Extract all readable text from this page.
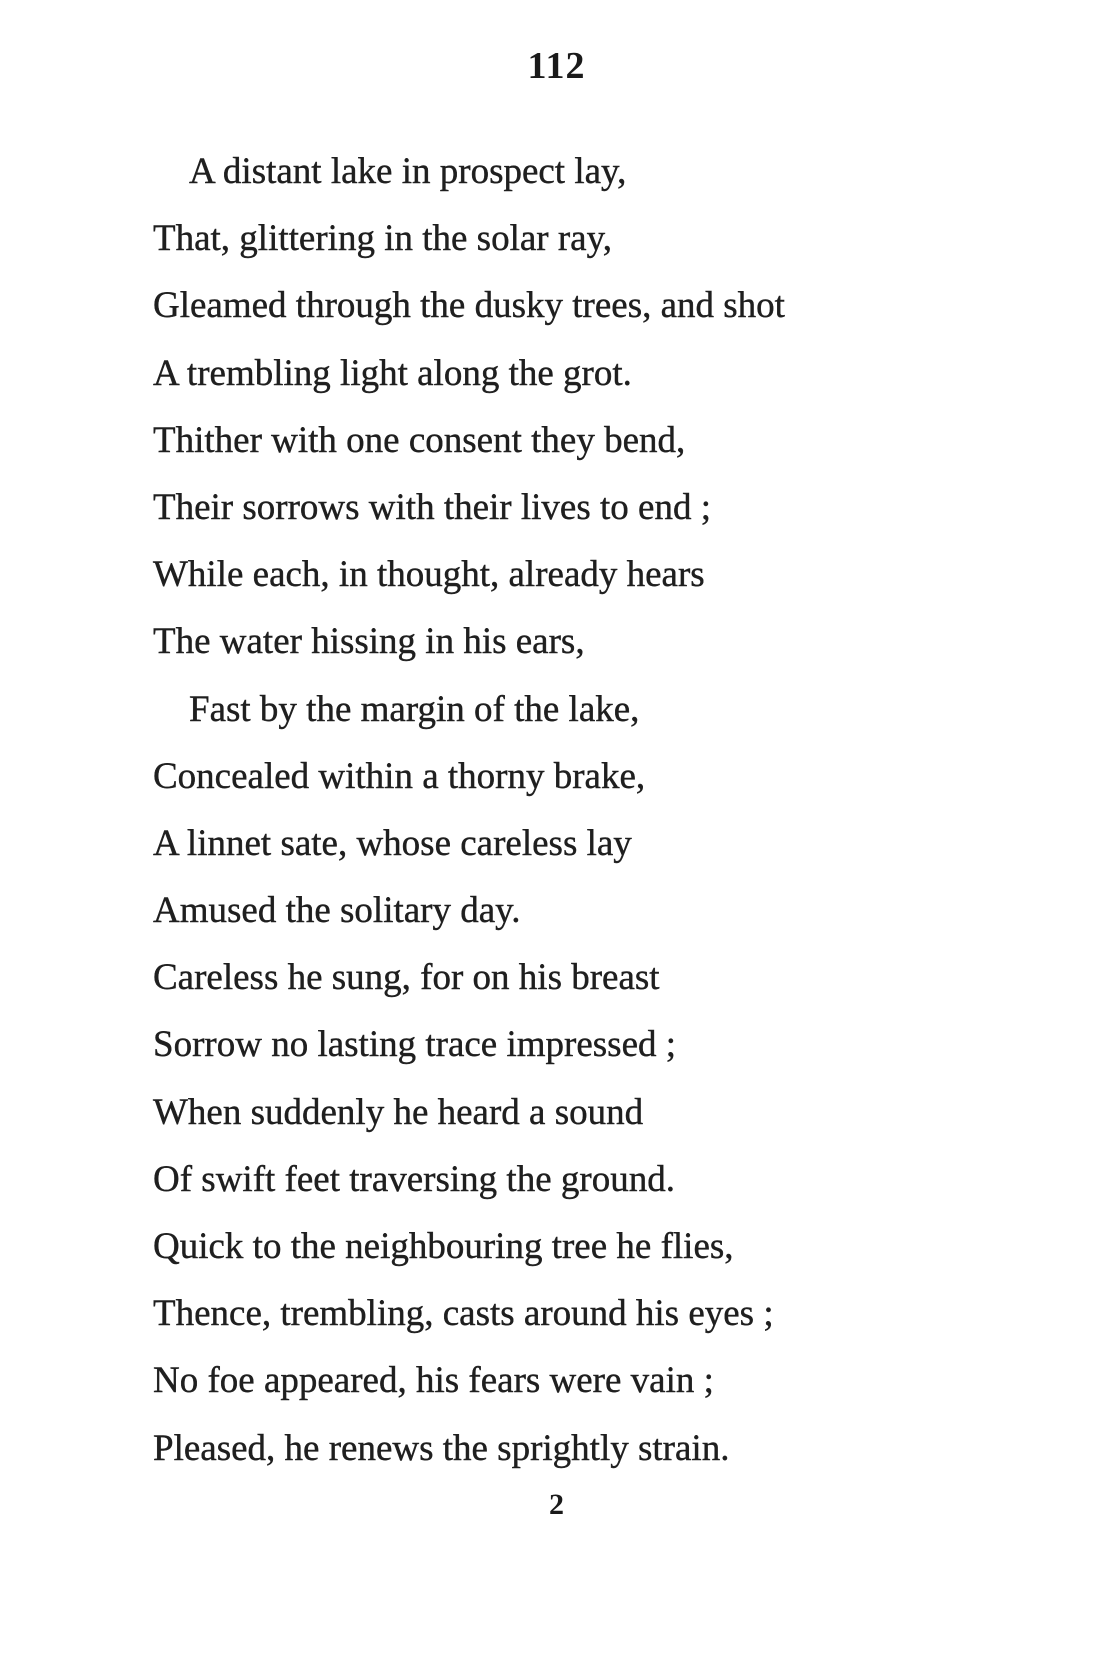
112
A distant lake in prospect lay,
That, glittering in the solar ray,
Gleamed through the dusky trees, and shot
A trembling light along the grot.
Thither with one consent they bend,
Their sorrows with their lives to end ;
While each, in thought, already hears
The water hissing in his ears,
Fast by the margin of the lake,
Concealed within a thorny brake,
A linnet sate, whose careless lay
Amused the solitary day.
Careless he sung, for on his breast
Sorrow no lasting trace impressed ;
When suddenly he heard a sound
Of swift feet traversing the ground.
Quick to the neighbouring tree he flies,
Thence, trembling, casts around his eyes ;
No foe appeared, his fears were vain ;
Pleased, he renews the sprightly strain.
2
